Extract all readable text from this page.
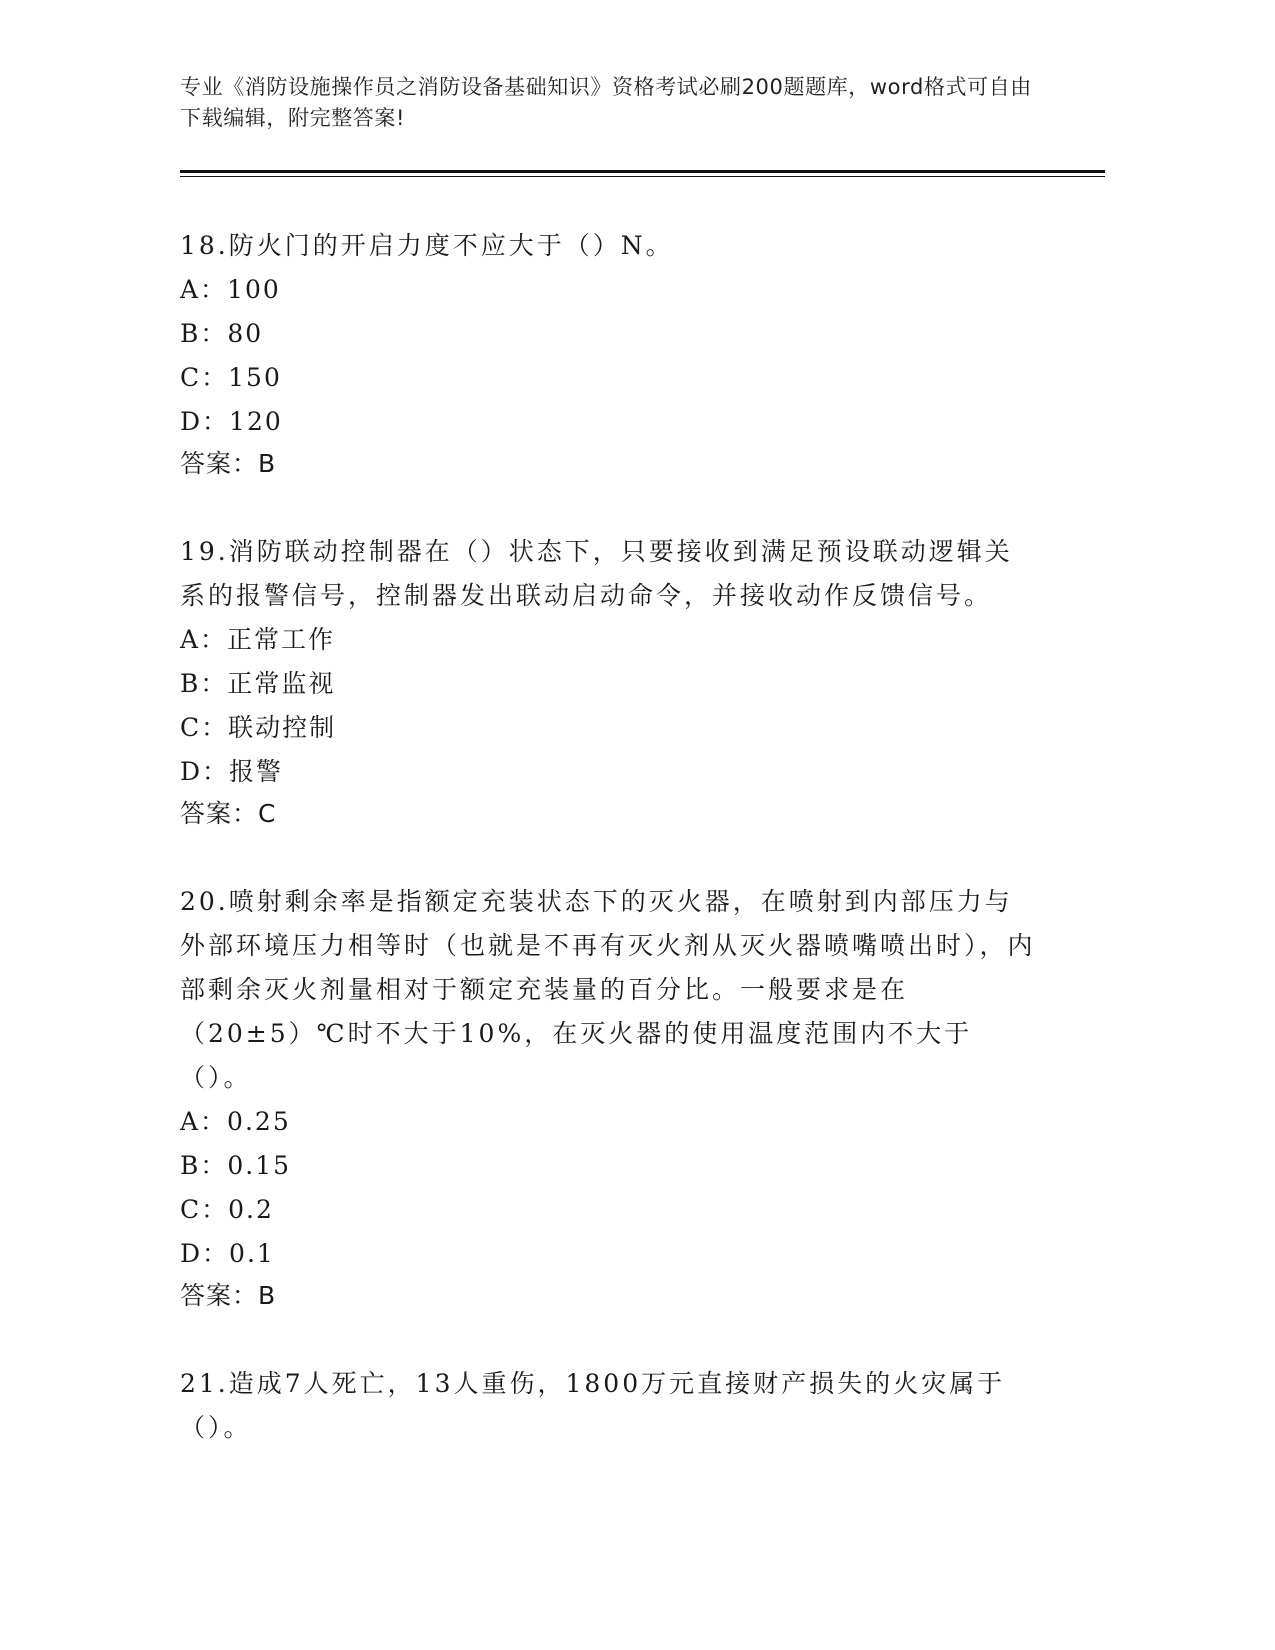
专业《消防设施操作员之消防设备基础知识》资格考试必刷200题题库，word格式可自由下载编辑，附完整答案!

18.防火门的开启力度不应大于（）N。

A：100

B：80

C：150

D：120

答案：B

19.消防联动控制器在（）状态下，只要接收到满足预设联动逻辑关系的报警信号，控制器发出联动启动命令，并接收动作反馈信号。

A：正常工作

B：正常监视

C：联动控制

D：报警

答案：C

20.喷射剩余率是指额定充装状态下的灭火器，在喷射到内部压力与外部环境压力相等时（也就是不再有灭火剂从灭火器喷嘴喷出时），内部剩余灭火剂量相对于额定充装量的百分比。一般要求是在（20±5）℃时不大于10%，在灭火器的使用温度范围内不大于（）。

A：0.25

B：0.15

C：0.2

D：0.1

答案：B

21.造成7人死亡，13人重伤，1800万元直接财产损失的火灾属于（）。
